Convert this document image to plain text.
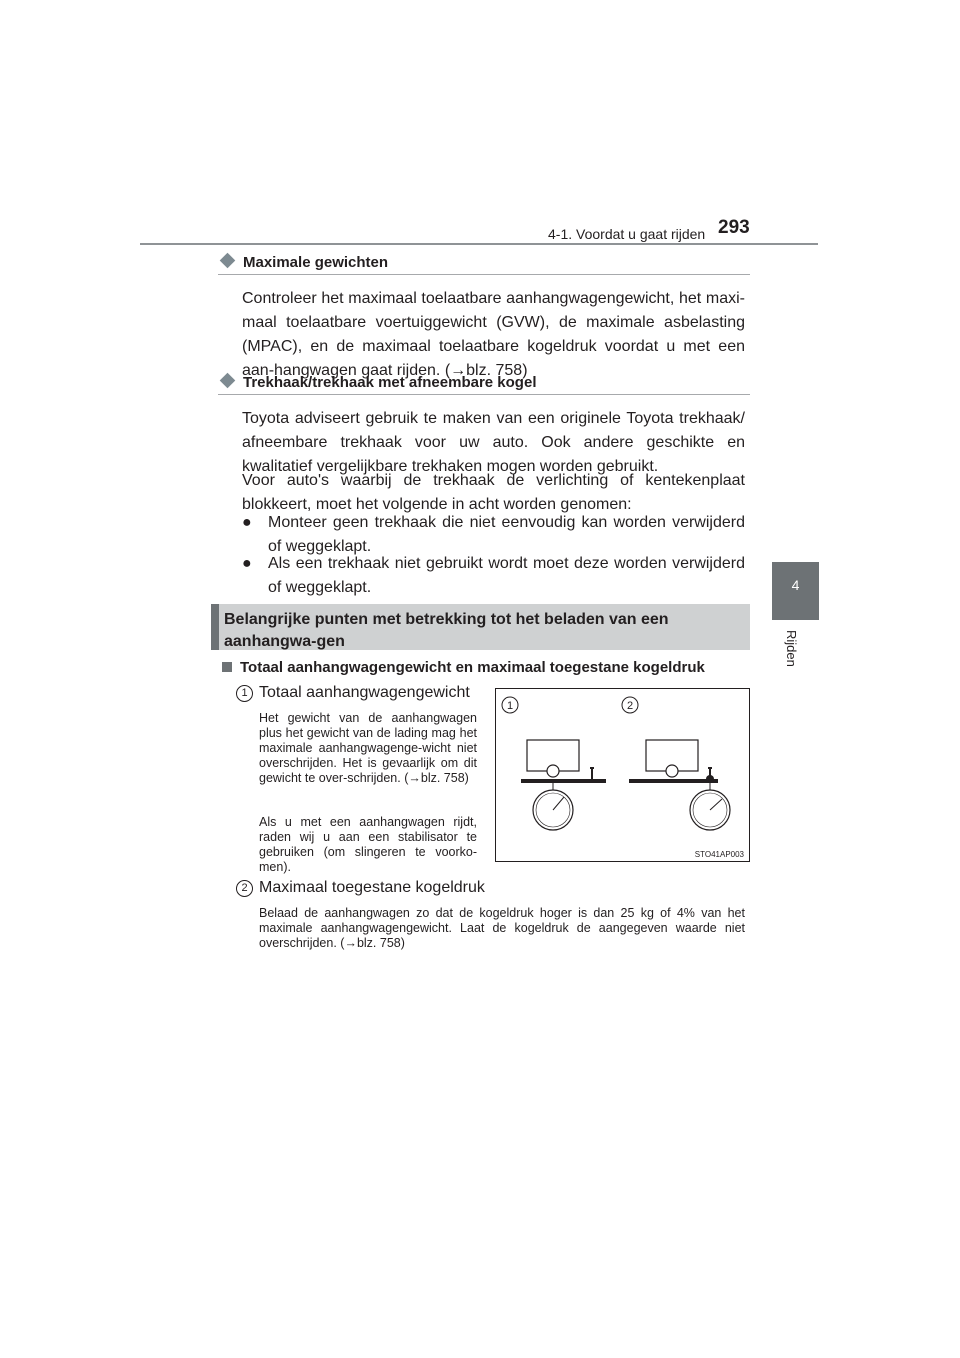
4-1. Voordat u gaat rijden 293
4
Rijden
Maximale gewichten
Controleer het maximaal toelaatbare aanhangwagengewicht, het maxi-maal toelaatbare voertuiggewicht (GVW), de maximale asbelasting (MPAC), en de maximaal toelaatbare kogeldruk voordat u met een aan-hangwagen gaat rijden. (→blz. 758)
Trekhaak/trekhaak met afneembare kogel
Toyota adviseert gebruik te maken van een originele Toyota trekhaak/ afneembare trekhaak voor uw auto. Ook andere geschikte en kwalitatief vergelijkbare trekhaken mogen worden gebruikt.
Voor auto's waarbij de trekhaak de verlichting of kentekenplaat blokkeert, moet het volgende in acht worden genomen:
● Monteer geen trekhaak die niet eenvoudig kan worden verwijderd of weggeklapt.
● Als een trekhaak niet gebruikt wordt moet deze worden verwijderd of weggeklapt.
Belangrijke punten met betrekking tot het beladen van een aanhangwa-gen
Totaal aanhangwagengewicht en maximaal toegestane kogeldruk
1 Totaal aanhangwagengewicht
Het gewicht van de aanhangwagen plus het gewicht van de lading mag het maximale aanhangwagenge-wicht niet overschrijden. Het is gevaarlijk om dit gewicht te over-schrijden. (→blz. 758)
Als u met een aanhangwagen rijdt, raden wij u aan een stabilisator te gebruiken (om slingeren te voorko-men).
2 Maximaal toegestane kogeldruk
Belaad de aanhangwagen zo dat de kogeldruk hoger is dan 25 kg of 4% van het maximale aanhangwagengewicht. Laat de kogeldruk de aangegeven waarde niet overschrijden. (→blz. 758)
1	2
STO41AP003
